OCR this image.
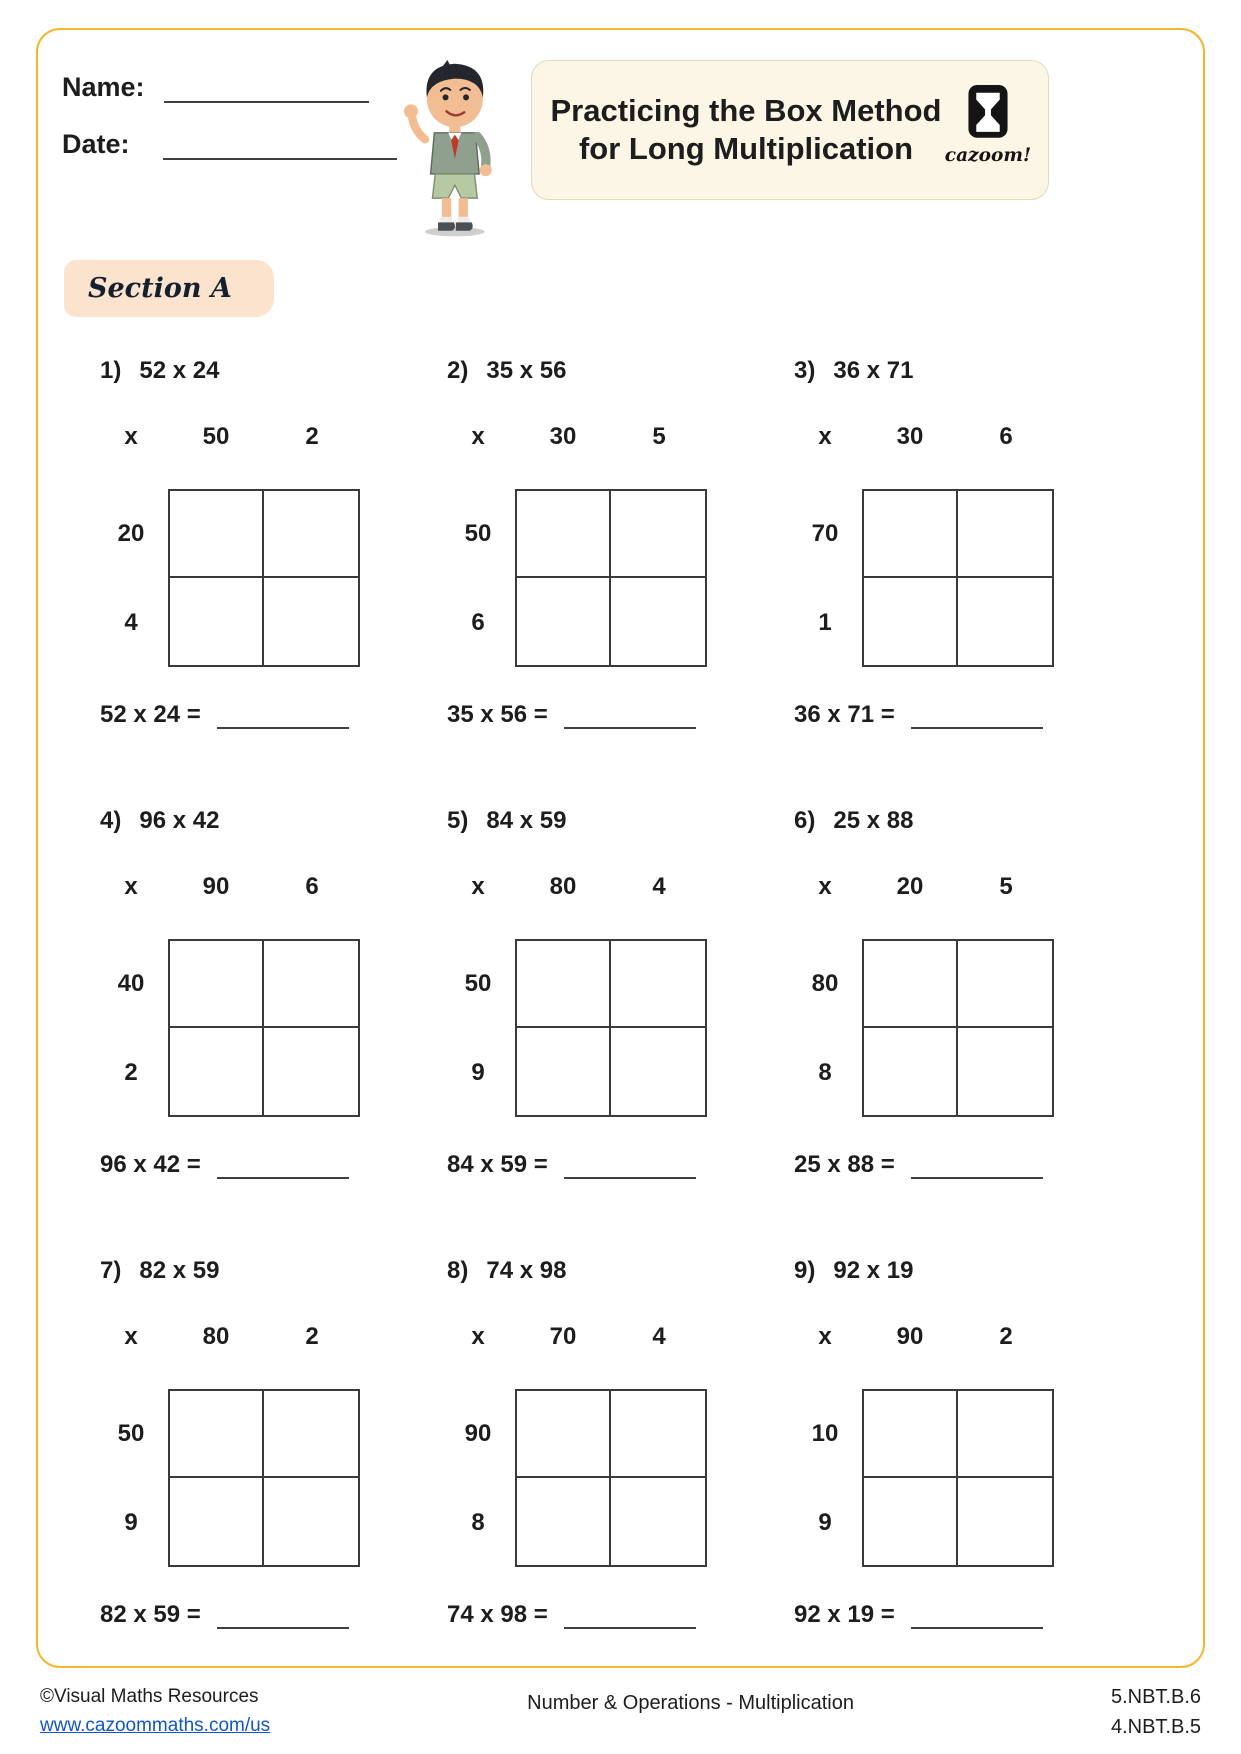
Name:
Date:
Practicing the Box Method for Long Multiplication	cazoom!
Section A
1) 52 x 24
x	50	2
20
4
52 x 24 =
2) 35 x 56
x	30	5
50
6
35 x 56 =
3) 36 x 71
x	30	6
70
1
36 x 71 =
4) 96 x 42
x	90	6
40
2
96 x 42 =
5) 84 x 59
x	80	4
50
9
84 x 59 =
6) 25 x 88
x	20	5
80
8
25 x 88 =
7) 82 x 59
x	80	2
50
9
82 x 59 =
8) 74 x 98
x	70	4
90
8
74 x 98 =
9) 92 x 19
x	90	2
10
9
92 x 19 =
©Visual Maths Resources
www.cazoommaths.com/us
Number & Operations - Multiplication	5.NBT.B.6
4.NBT.B.5
